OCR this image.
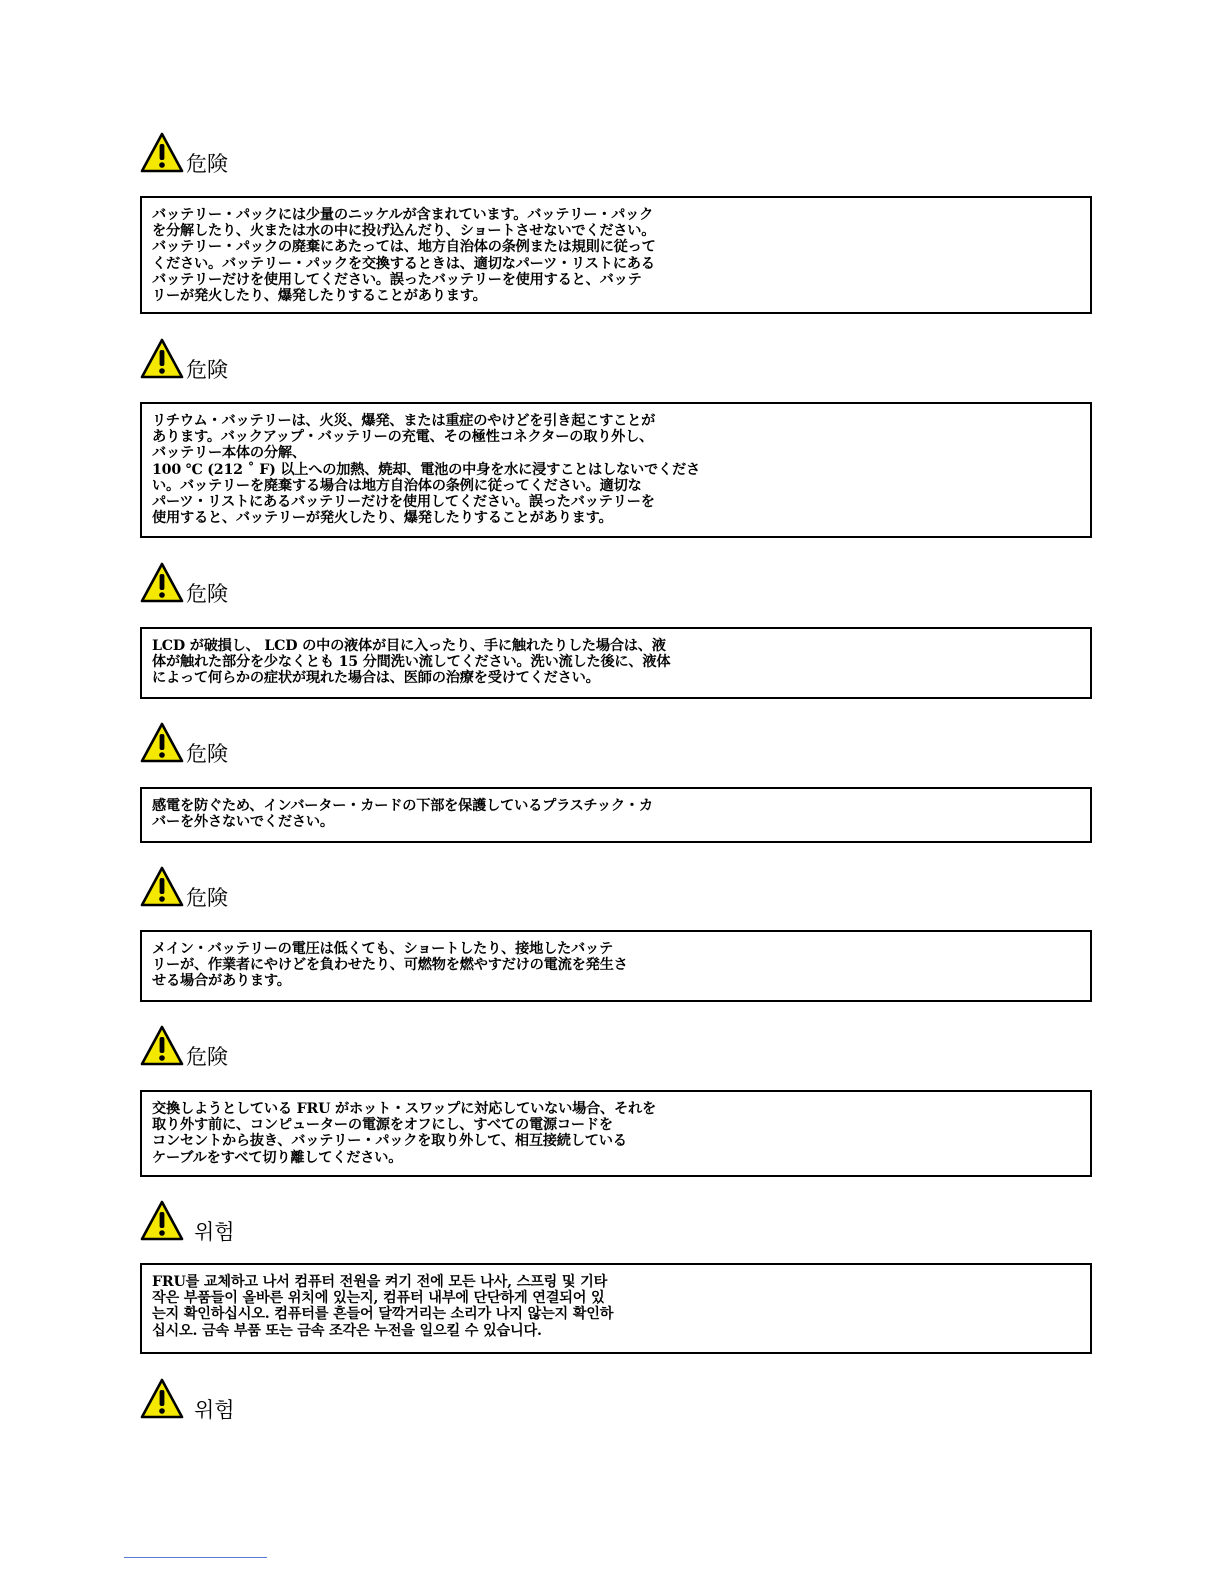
危険
バッテリー・パックには少量のニッケルが含まれています。バッテリー・パック
を分解したり、火または水の中に投げ込んだり、ショートさせないでください。
バッテリー・パックの廃棄にあたっては、地方自治体の条例または規則に従って
ください。バッテリー・パックを交換するときは、適切なパーツ・リストにある
バッテリーだけを使用してください。誤ったバッテリーを使用すると、バッテ
リーが発火したり、爆発したりすることがあります。
危険
リチウム・バッテリーは、火災、爆発、または重症のやけどを引き起こすことが
あります。バックアップ・バッテリーの充電、その極性コネクターの取り外し、
バッテリー本体の分解、
100 ℃ (212 ˚ F) 以上への加熱、焼却、電池の中身を水に浸すことはしないでくださ
い。バッテリーを廃棄する場合は地方自治体の条例に従ってください。適切な
パーツ・リストにあるバッテリーだけを使用してください。誤ったバッテリーを
使用すると、バッテリーが発火したり、爆発したりすることがあります。
危険
LCD が破損し、 LCD の中の液体が目に入ったり、手に触れたりした場合は、液
体が触れた部分を少なくとも 15 分間洗い流してください。洗い流した後に、液体
によって何らかの症状が現れた場合は、医師の治療を受けてください。
危険
感電を防ぐため、インバーター・カードの下部を保護しているプラスチック・カ
バーを外さないでください。
危険
メイン・バッテリーの電圧は低くても、ショートしたり、接地したバッテ
リーが、作業者にやけどを負わせたり、可燃物を燃やすだけの電流を発生さ
せる場合があります。
危険
交換しようとしている FRU がホット・スワップに対応していない場合、それを
取り外す前に、コンピューターの電源をオフにし、すべての電源コードを
コンセントから抜き、バッテリー・パックを取り外して、相互接続している
ケーブルをすべて切り離してください。
위험
FRU를 교체하고 나서 컴퓨터 전원을 켜기 전에 모든 나사, 스프링 및 기타
작은 부품들이 올바른 위치에 있는지, 컴퓨터 내부에 단단하게 연결되어 있
는지 확인하십시오. 컴퓨터를 흔들어 달깍거리는 소리가 나지 않는지 확인하
십시오. 금속 부품 또는 금속 조각은 누전을 일으킬 수 있습니다.
위험
